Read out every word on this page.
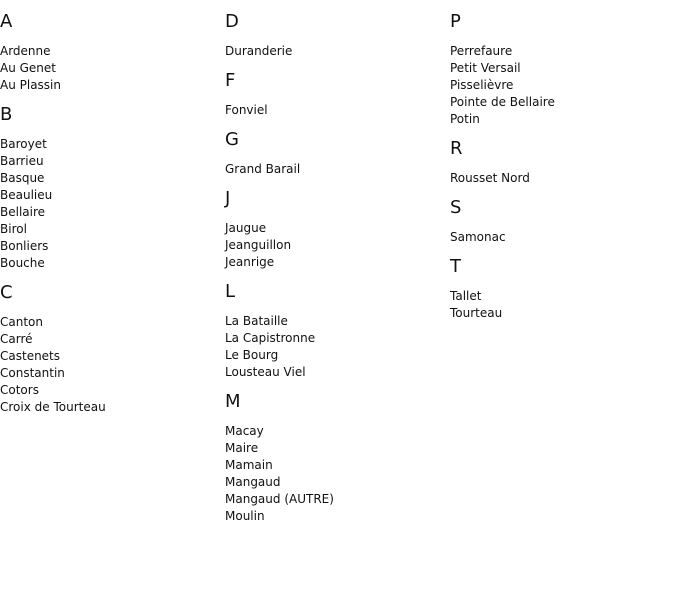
A
Ardenne
Au Genet
Au Plassin
B
Baroyet
Barrieu
Basque
Beaulieu
Bellaire
Birol
Bonliers
Bouche
C
Canton
Carré
Castenets
Constantin
Cotors
Croix de Tourteau
D
Duranderie
F
Fonviel
G
Grand Barail
J
Jaugue
Jeanguillon
Jeanrige
L
La Bataille
La Capistronne
Le Bourg
Lousteau Viel
M
Macay
Maire
Mamain
Mangaud
Mangaud (AUTRE)
Moulin
P
Perrefaure
Petit Versail
Pisselièvre
Pointe de Bellaire
Potin
R
Rousset Nord
S
Samonac
T
Tallet
Tourteau
